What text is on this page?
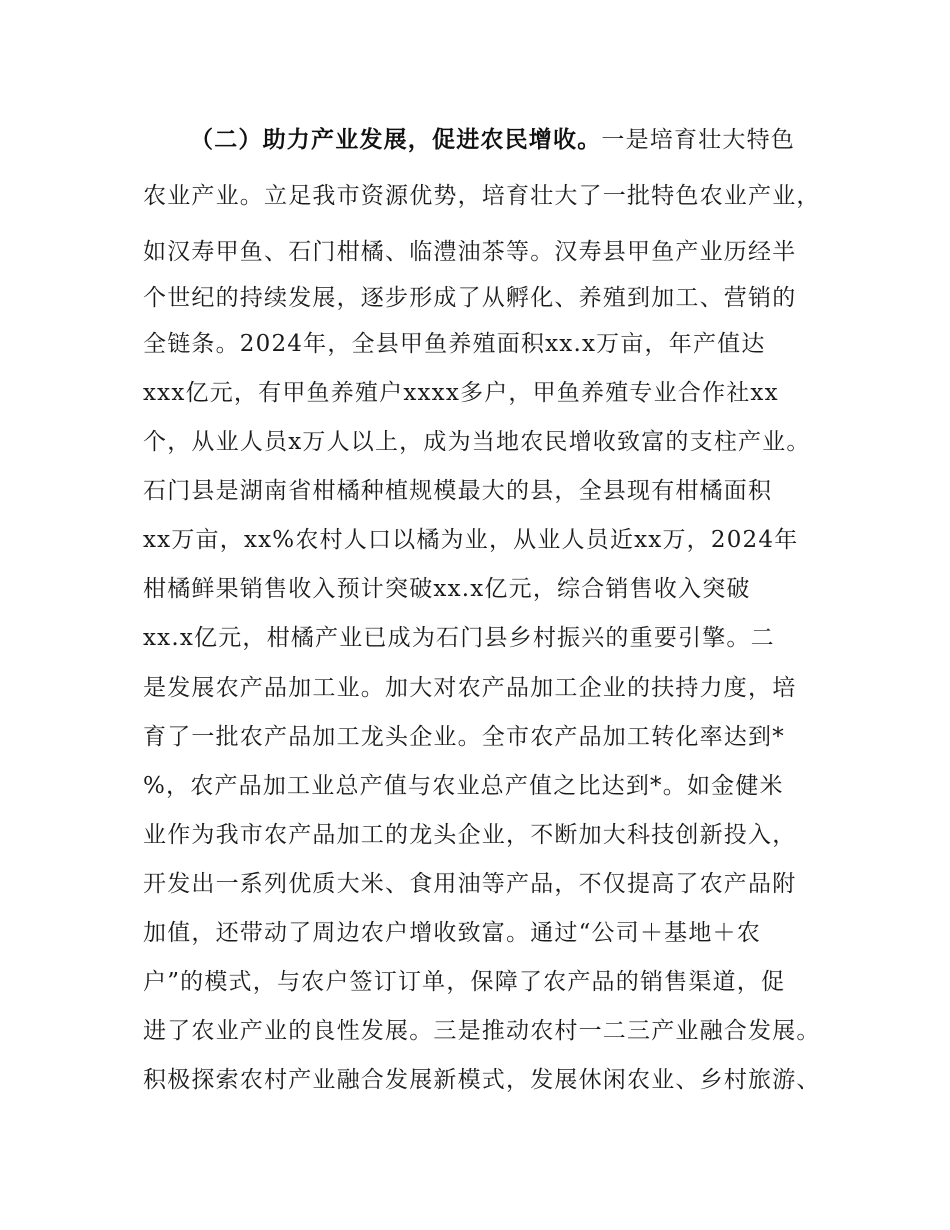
（二）助力产业发展，促进农民增收。一是培育壮大特色
农业产业。立足我市资源优势，培育壮大了一批特色农业产业，
如汉寿甲鱼、石门柑橘、临澧油茶等。汉寿县甲鱼产业历经半
个世纪的持续发展，逐步形成了从孵化、养殖到加工、营销的
全链条。2024年，全县甲鱼养殖面积xx.x万亩，年产值达
xxx亿元，有甲鱼养殖户xxxx多户，甲鱼养殖专业合作社xx
个，从业人员x万人以上，成为当地农民增收致富的支柱产业。
石门县是湖南省柑橘种植规模最大的县，全县现有柑橘面积
xx万亩，xx%农村人口以橘为业，从业人员近xx万，2024年
柑橘鲜果销售收入预计突破xx.x亿元，综合销售收入突破
xx.x亿元，柑橘产业已成为石门县乡村振兴的重要引擎。二
是发展农产品加工业。加大对农产品加工企业的扶持力度，培
育了一批农产品加工龙头企业。全市农产品加工转化率达到*
%，农产品加工业总产值与农业总产值之比达到*。如金健米
业作为我市农产品加工的龙头企业，不断加大科技创新投入，
开发出一系列优质大米、食用油等产品，不仅提高了农产品附
加值，还带动了周边农户增收致富。通过“公司＋基地＋农
户”的模式，与农户签订订单，保障了农产品的销售渠道，促
进了农业产业的良性发展。三是推动农村一二三产业融合发展。
积极探索农村产业融合发展新模式，发展休闲农业、乡村旅游、
